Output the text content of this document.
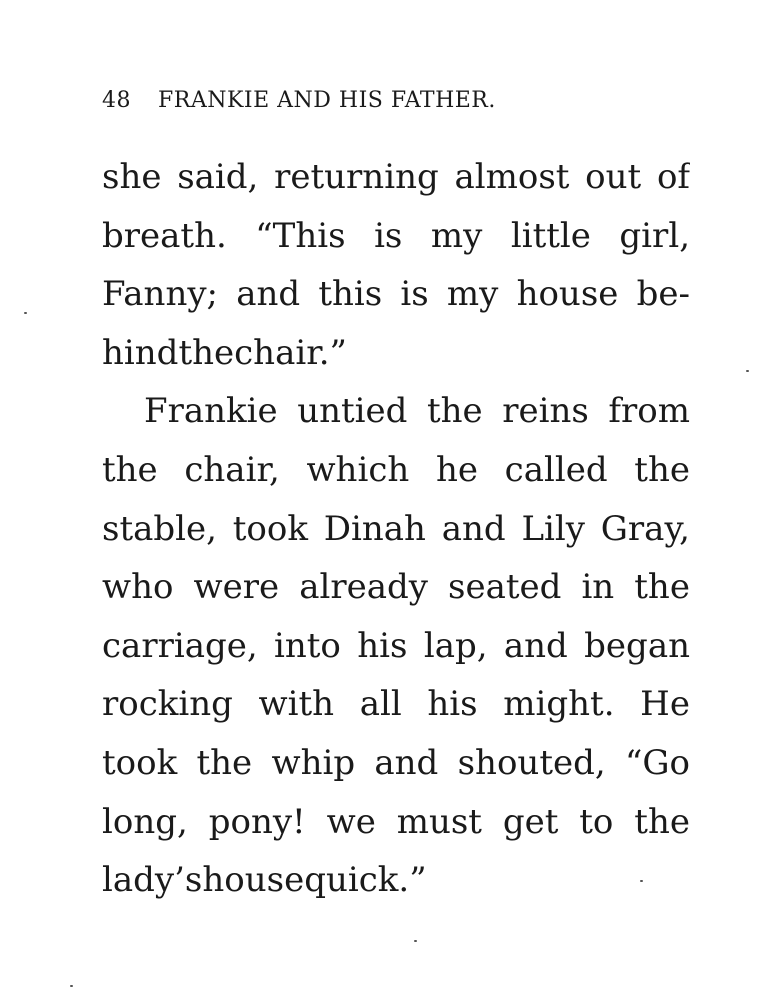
48 FRANKIE AND HIS FATHER.
she said, returning almost out of
breath. “This is my little girl,
Fanny; and this is my house be-
hind the chair.”
Frankie untied the reins from
the chair, which he called the
stable, took Dinah and Lily Gray,
who were already seated in the
carriage, into his lap, and began
rocking with all his might. He
took the whip and shouted, “Go
long, pony! we must get to the
lady’s house quick.”
